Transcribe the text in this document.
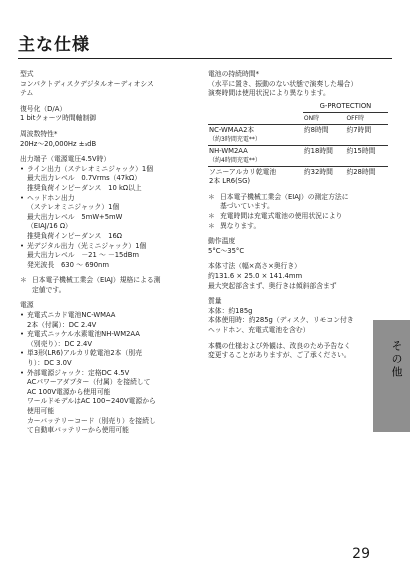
主な仕様
型式
コンパクトディスクデジタルオーディオシス
テム
復号化（D/A）
1 bitクォーツ時間軸制御
周波数特性*
20Hz～20,000Hz ±₃dB
出力端子（電源電圧4.5V時）
• ライン出力（ステレオミニジャック）1個
最大出力レベル　0.7Vrms（47kΩ）
推奨負荷インピーダンス　10 kΩ以上
• ヘッドホン出力
（ステレオミニジャック）1個
最大出力レベル　5mW+5mW
（EIAJ/16 Ω）
推奨負荷インピーダンス　16Ω
• 光デジタル出力（光ミニジャック）1個
最大出力レベル　－21 ～ －15dBm
発光波長　630 ～ 690nm
＊ 日本電子機械工業会（EIAJ）規格による測
定値です。
電源
• 充電式ニカド電池NC-WMAA
2本（付属）：DC 2.4V
• 充電式ニッケル水素電池NH-WM2AA
（別売り）：DC 2.4V
• 単3形(LR6)アルカリ乾電池2本（別売
り）：DC 3.0V
• 外部電源ジャック：定格DC 4.5V
ACパワーアダプター（付属）を接続して
AC 100V電源から使用可能
ワールドモデルはAC 100~240V電源から
使用可能
カーバッテリーコード（別売り）を接続し
て自動車バッテリーから使用可能
電池の持続時間*
（水平に置き、振動のない状態で演奏した場合）
演奏時間は使用状況により異なります。
	G-PROTECTION	
	ON時	OFF時
NC-WMAA2本
（約3時間充電**）	約8時間	約7時間
NH-WM2AA
（約4時間充電**）	約18時間	約15時間
ソニーアルカリ乾電池
2本 LR6(SG)	約32時間	約28時間
＊ 日本電子機械工業会（EIAJ）の測定方法に
基づいています。
＊＊
充電時間は充電式電池の使用状況により
異なります。
動作温度
5°C～35°C
本体寸法（幅×高さ×奥行き）
約131.6 × 25.0 × 141.4mm
最大突起部含まず、奥行きは傾斜部含まず
質量
本体：約185g
本体使用時：約285g（ディスク、リモコン付き
ヘッドホン、充電式電池を含む）
本機の仕様および外観は、改良のため予告なく
変更することがありますが、ご了承ください。	その他
29
